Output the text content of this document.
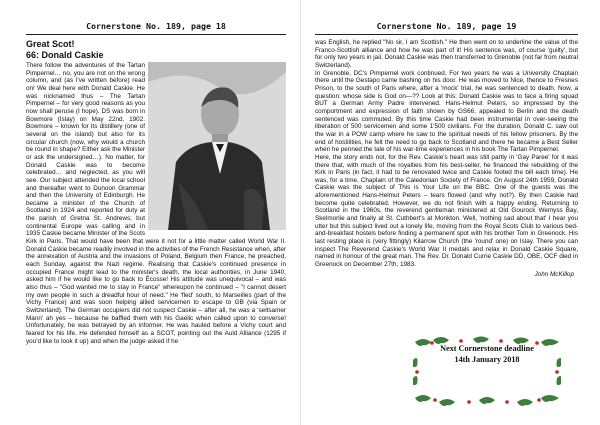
Cornerstone No. 189, page 18
Great Scot!
66: Donald Caskie

There follow the adventures of the Tartan Pimpernel… no, you are not on the wrong column, and (as I've written before) read on! We deal here with Donald Caskie. He was nicknamed thus – The Tartan Pimpernel – for very good reasons as you now shall peruse (I hope). DS was born in Bowmore (Islay) on May 22nd, 1902. Bowmore – known for its distillery (one of several on the island) but also for its circular church (now, why would a church be round in shape? Either ask the Minister or ask the undersigned…). No matter, for Donald Caskie was to become celebrated… and neglected, as you will see. Our subject attended the local school and thereafter went to Dunoon Grammar and then the University of Edinburgh. He became a minister of the Church of Scotland in 1924 and reported for duty at the parish of Gretna St. Andrews; but continental Europe was calling and in 1935 Caskie became Minister of the Scots Kirk in Paris. That would have been that were it not for a little matter called World War II. Donald Caskie became readily involved in the activities of the French Resistance when, after the annexation of Austria and the invasions of Poland, Belgium then France, he preached, each Sunday, against the Nazi regime. Realising that Caskie's continued presence in occupied France might lead to the minister's death, the local authorities, in June 1940, asked him if he would like to go back to Écosse! His attitude was unequivocal – and was also thus – "God wanted me to stay in France" whereupon he continued – "I cannot desert my own people in such a dreadful hour of need." He 'fled' south, to Marseilles (part of the Vichy France) and was soon helping allied servicemen to escape to GB (via Spain or Switzerland). The German occupiers did not suspect Caskie – after all, he was a 'seltsamer Mann' ah yes – because he baffled them with his Gaelic when called upon to converse! Unfortunately, he was betrayed by an informer. He was hauled before a Vichy court and feared for his life. He defended himself as a SCOT, pointing out the Auld Alliance (1295 if you'd like to look it up) and when the judge asked if he

Cornerstone No. 189, page 19

was English, he replied "No sir, I am Scottish." He then went on to underline the value of the Franco-Scottish alliance and how he was part of it! His sentence was, of course 'guilty', but for only two years in jail. Donald Caskie was then transferred to Grenoble (not far from neutral Switzerland).

In Grenoble, DC's Pimpernel work continued. For two years he was a University Chaplain there until the Gestapo came bashing on his door. He was moved to Nice, thence to Fresnes Prison, to the south of Paris where, after a 'mock' trial, he was sentenced to death. Now, a question: whose side is God on—?? Look at this: Donald Caskie was to face a firing squad BUT a German Army Padre intervened. Hans-Helmut Peters, so impressed by the comportment and expression of faith shown by GS66, appealed to Berlin and the death sentenced was commuted. By this time Caskie had been instrumental in over-seeing the liberation of 500 servicemen and some 1'500 civilians. For the duration, Donald C. saw out the war in a POW camp where he saw to the spiritual needs of his fellow prisoners. By the end of hostilities, he felt the need to go back to Scotland and there he became a Best Seller when he penned the tale of his war-time experiences in his book The Tartan Pimpernel.

Here, the story ends not, for the Rev. Caskie's heart was still partly in 'Gay Paree' for it was there that, with much of the royalties from his best-seller, he financed the rebuilding of the Kirk in Paris (in fact, it had to be renovated twice and Caskie footed the bill each time). He was, for a time, Chaplain of the Caledonian Society of France. On August 24th 1959, Donald Caskie was the subject of This is Your Life on the BBC. One of the guests was the aforementioned Hans-Helmut Peters – tears flowed (and why not?). By then Caskie had become quite celebrated. However, we do not finish with a happy ending. Returning to Scotland in the 1960s, the reverend gentleman ministered at Old Gourock Wemyss Bay, Skelmorlie and finally at St. Cuthbert's at Monkton. Well, 'nothing sad about that' I hear you utter but this subject lived out a lonely life, moving from the Royal Scots Club to various bed-and-breakfast hostels before finding a permanent spot with his brother Tom in Greenock. His last resting place is (very fittingly) Kilarrow Church (the 'round' one) on Islay. There you can inspect The Reverend Caskie's World War II medals and relax in Donald Caskie Square, named in honour of the great man. The Rev. Dr. Donald Currie Caskie DD, OBE, OCF died in Greenock on December 27th, 1983.

John McKillop
Next Cornerstone deadline
14th January 2018
